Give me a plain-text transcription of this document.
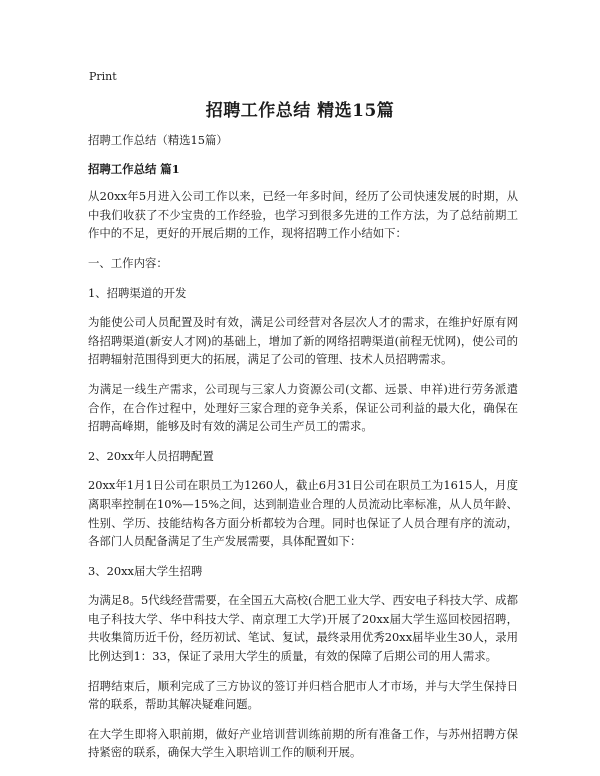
Print
招聘工作总结 精选15篇

招聘工作总结（精选15篇）

招聘工作总结 篇1

从20xx年5月进入公司工作以来，已经一年多时间，经历了公司快速发展的时期，从中我们收获了不少宝贵的工作经验，也学习到很多先进的工作方法，为了总结前期工作中的不足，更好的开展后期的工作，现将招聘工作小结如下：

一、工作内容：

1、招聘渠道的开发

为能使公司人员配置及时有效，满足公司经营对各层次人才的需求，在维护好原有网络招聘渠道(新安人才网)的基础上，增加了新的网络招聘渠道(前程无忧网)，使公司的招聘辐射范围得到更大的拓展，满足了公司的管理、技术人员招聘需求。

为满足一线生产需求，公司现与三家人力资源公司(文都、远景、申祥)进行劳务派遣合作，在合作过程中，处理好三家合理的竞争关系，保证公司利益的最大化，确保在招聘高峰期，能够及时有效的满足公司生产员工的需求。

2、20xx年人员招聘配置

20xx年1月1日公司在职员工为1260人，截止6月31日公司在职员工为1615人，月度离职率控制在10%—15%之间，达到制造业合理的人员流动比率标准，从人员年龄、性别、学历、技能结构各方面分析都较为合理。同时也保证了人员合理有序的流动，各部门人员配备满足了生产发展需要，具体配置如下：

3、20xx届大学生招聘

为满足8。5代线经营需要，在全国五大高校(合肥工业大学、西安电子科技大学、成都电子科技大学、华中科技大学、南京理工大学)开展了20xx届大学生巡回校园招聘，共收集简历近千份，经历初试、笔试、复试，最终录用优秀20xx届毕业生30人，录用比例达到1：33，保证了录用大学生的质量，有效的保障了后期公司的用人需求。

招聘结束后，顺利完成了三方协议的签订并归档合肥市人才市场，并与大学生保持日常的联系，帮助其解决疑难问题。

在大学生即将入职前期，做好产业培训营训练前期的所有准备工作，与苏州招聘方保持紧密的联系，确保大学生入职培训工作的顺利开展。
